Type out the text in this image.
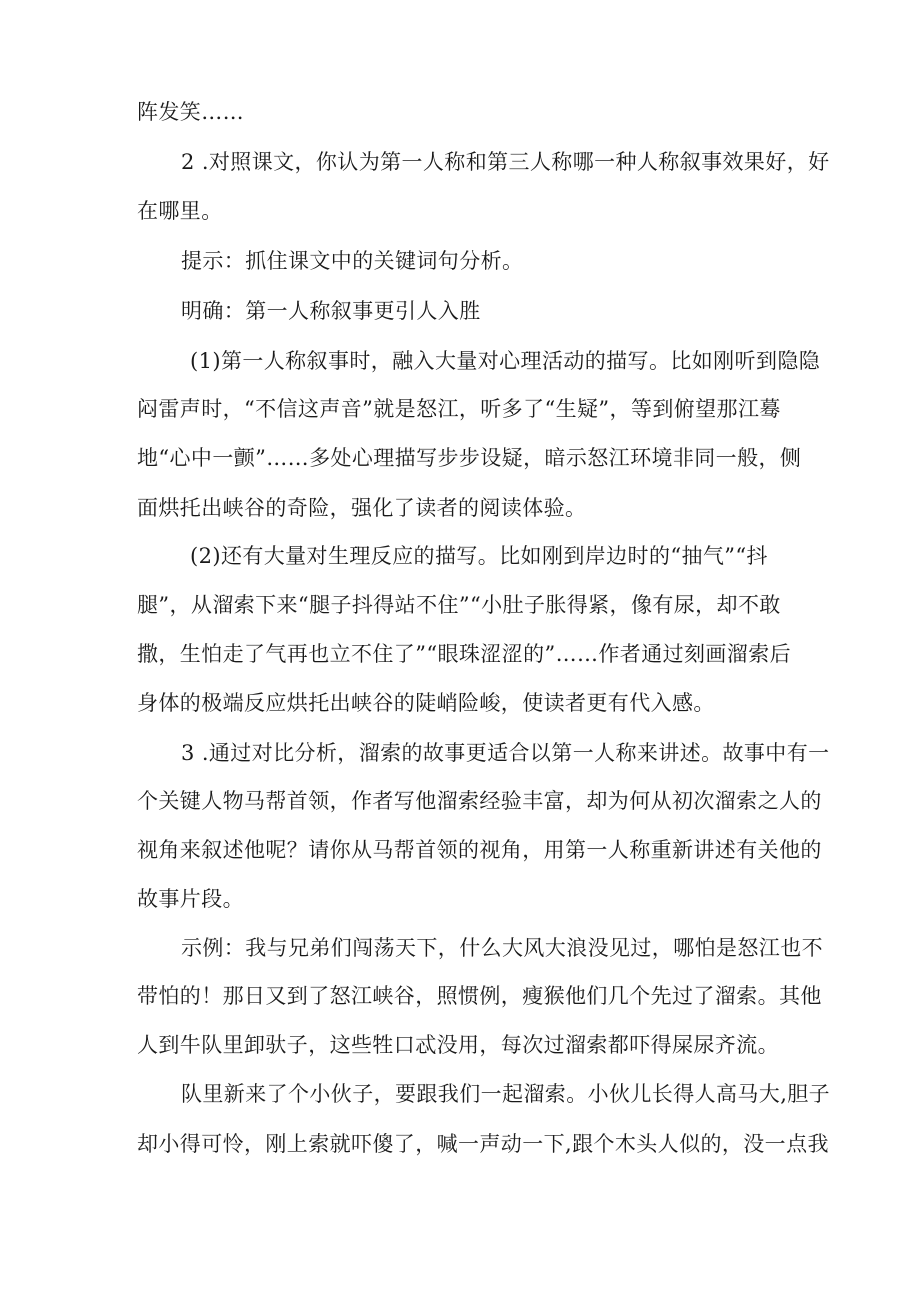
阵发笑……
2 .对照课文，你认为第一人称和第三人称哪一种人称叙事效果好，好
在哪里。
提示：抓住课文中的关键词句分析。
明确：第一人称叙事更引人入胜
(1)第一人称叙事时，融入大量对心理活动的描写。比如刚听到隐隐
闷雷声时，“不信这声音”就是怒江，听多了“生疑”，等到俯望那江蓦
地“心中一颤”……多处心理描写步步设疑，暗示怒江环境非同一般，侧
面烘托出峡谷的奇险，强化了读者的阅读体验。
(2)还有大量对生理反应的描写。比如刚到岸边时的“抽气”“抖
腿”，从溜索下来“腿子抖得站不住”“小肚子胀得紧，像有尿，却不敢
撒，生怕走了气再也立不住了”“眼珠涩涩的”……作者通过刻画溜索后
身体的极端反应烘托出峡谷的陡峭险峻，使读者更有代入感。
3 .通过对比分析，溜索的故事更适合以第一人称来讲述。故事中有一
个关键人物马帮首领，作者写他溜索经验丰富，却为何从初次溜索之人的
视角来叙述他呢？请你从马帮首领的视角，用第一人称重新讲述有关他的
故事片段。
示例：我与兄弟们闯荡天下，什么大风大浪没见过，哪怕是怒江也不
带怕的！那日又到了怒江峡谷，照惯例，瘦猴他们几个先过了溜索。其他
人到牛队里卸驮子，这些牲口忒没用，每次过溜索都吓得屎尿齐流。
队里新来了个小伙子，要跟我们一起溜索。小伙儿长得人高马大,胆子
却小得可怜，刚上索就吓傻了，喊一声动一下,跟个木头人似的，没一点我
